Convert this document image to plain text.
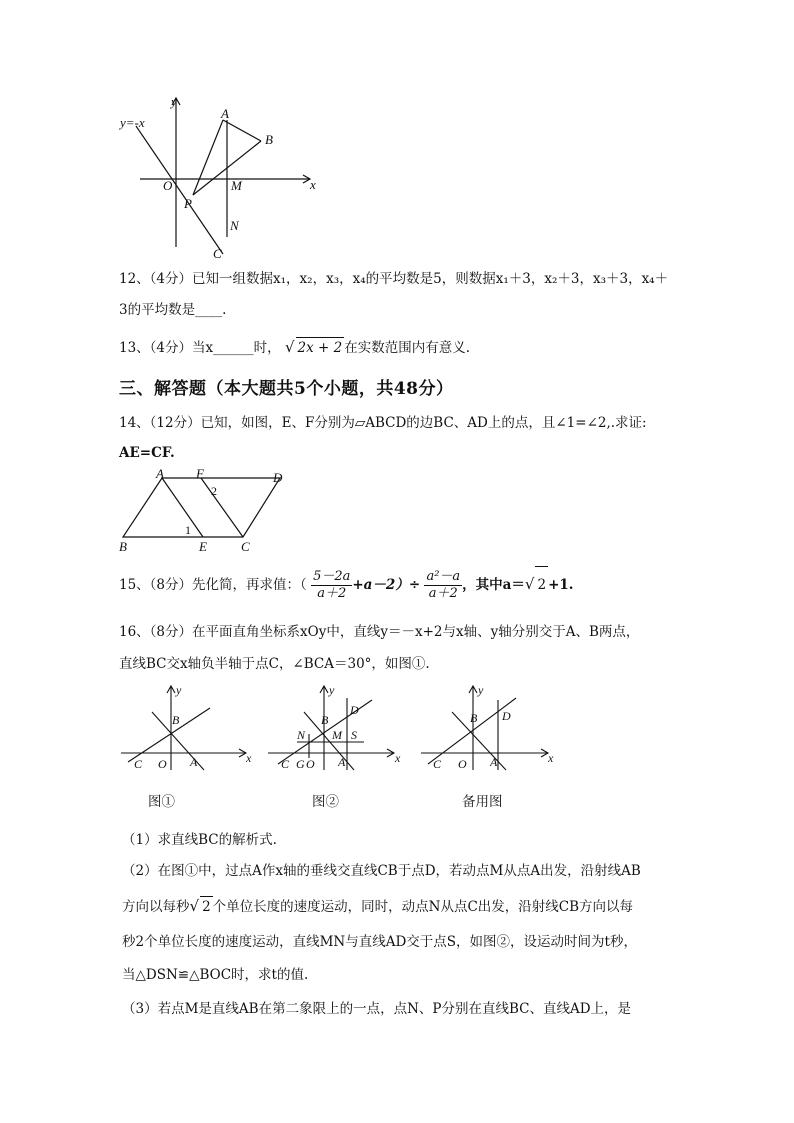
y=-x
y
x
O
A
B
M
P
N
C
12、（4分）已知一组数据x₁，x₂，x₃，x₄的平均数是5，则数据x₁＋3，x₂＋3，x₃＋3，x₄＋
3的平均数是____.
13、（4分）当x______时， √ 2x + 2 在实数范围内有意义.
三、解答题（本大题共5个小题，共48分）
14、（12分）已知，如图，E、F分别为▱ABCD的边BC、AD上的点，且∠1=∠2,.求证:
AE=CF.
A F	D
2
1
B	E	C
15、（8分）先化简，再求值：（ $\frac{5-2a}{a+2} +a-2)\div \frac{\text{a²－a}}{a+2}$ ，其中a＝√ 2 +1.
16、（8分）在平面直角坐标系xOy中，直线y＝－x+2与x轴、y轴分别交于A、B两点，
直线BC交x轴负半轴于点C，∠BCA＝30°，如图①.
y
B
x
C O A
图①
y
B
D
N M S
x
C G O A
图②
y
B D
x
C O A
备用图
（1）求直线BC的解析式.
（2）在图①中，过点A作x轴的垂线交直线CB于点D，若动点M从点A出发，沿射线AB
方向以每秒√ 2 个单位长度的速度运动，同时，动点N从点C出发，沿射线CB方向以每
秒2个单位长度的速度运动，直线MN与直线AD交于点S，如图②，设运动时间为t秒，
当△DSN≌△BOC时，求t的值.
（3）若点M是直线AB在第二象限上的一点，点N、P分别在直线BC、直线AD上，是
